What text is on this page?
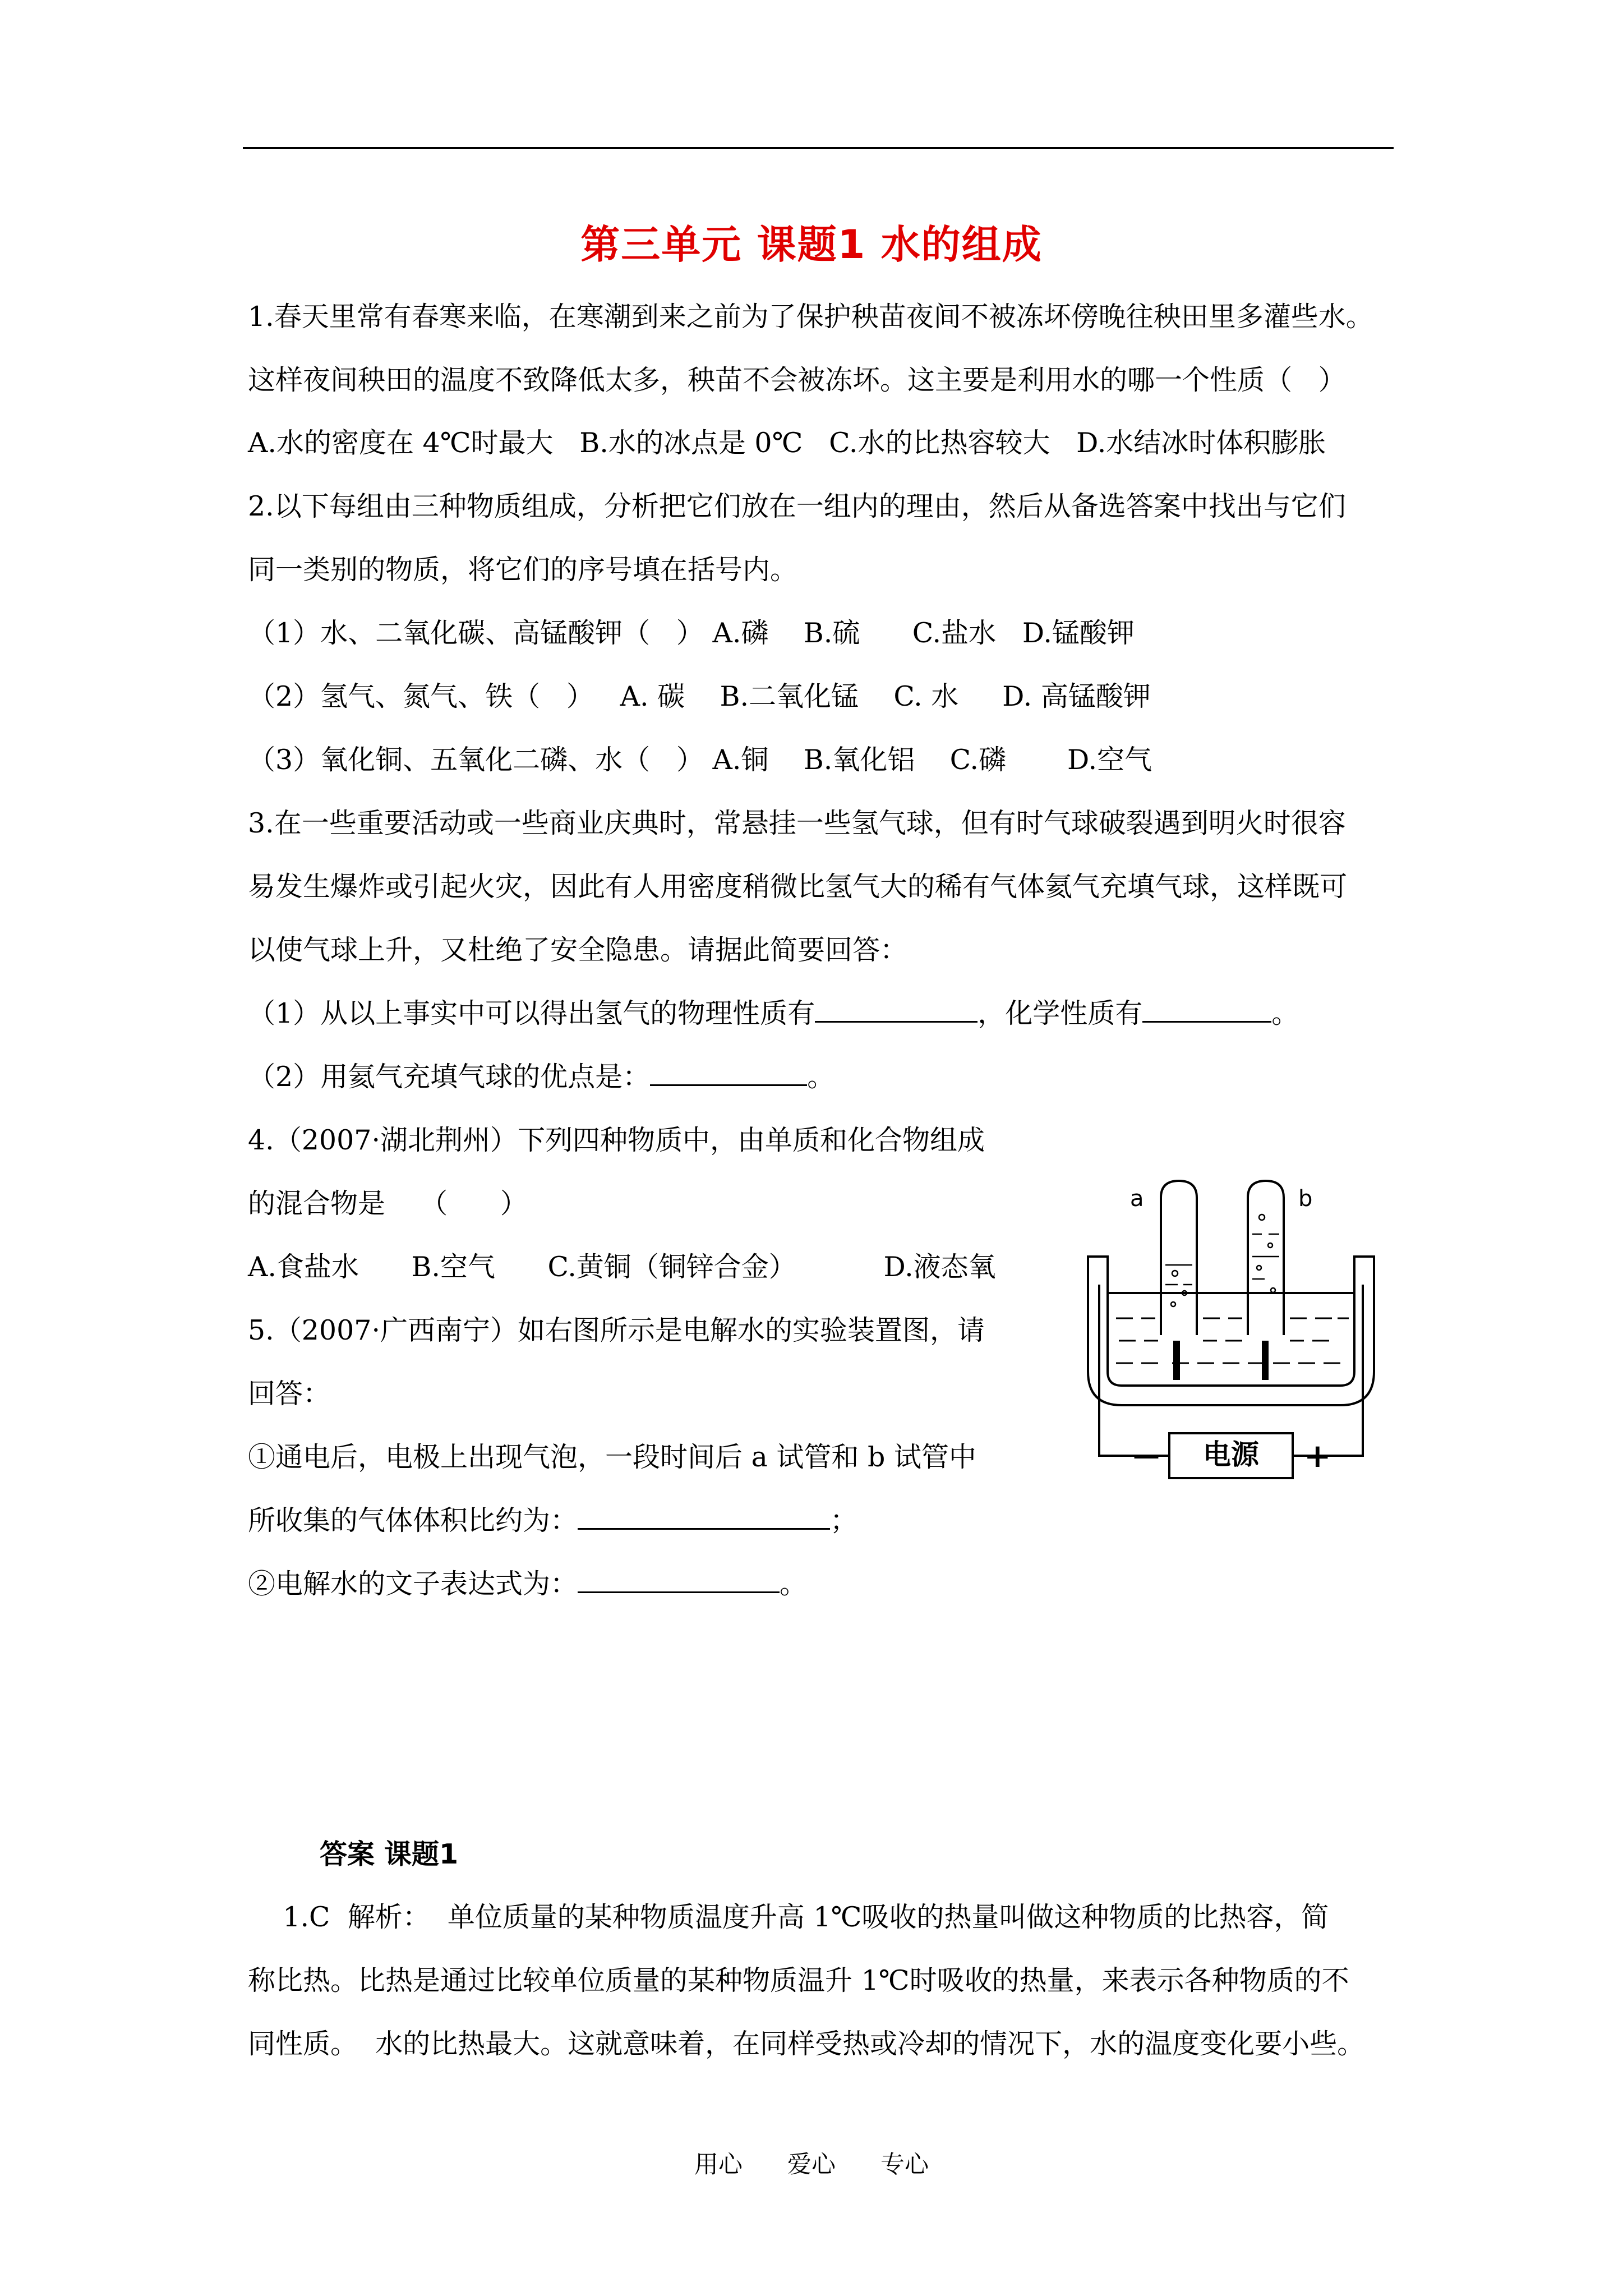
第三单元 课题1 水的组成
1.春天里常有春寒来临，在寒潮到来之前为了保护秧苗夜间不被冻坏傍晚往秧田里多灌些水。
这样夜间秧田的温度不致降低太多，秧苗不会被冻坏。这主要是利用水的哪一个性质（   ）
A.水的密度在 4℃时最大   B.水的冰点是 0℃   C.水的比热容较大   D.水结冰时体积膨胀
2.以下每组由三种物质组成，分析把它们放在一组内的理由，然后从备选答案中找出与它们
同一类别的物质，将它们的序号填在括号内。
（1）水、二氧化碳、高锰酸钾（   ） A.磷    B.硫      C.盐水   D.锰酸钾
（2）氢气、氮气、铁（   ）   A. 碳    B.二氧化锰    C. 水     D. 高锰酸钾
（3）氧化铜、五氧化二磷、水（   ） A.铜    B.氧化铝    C.磷       D.空气
3.在一些重要活动或一些商业庆典时，常悬挂一些氢气球，但有时气球破裂遇到明火时很容
易发生爆炸或引起火灾，因此有人用密度稍微比氢气大的稀有气体氦气充填气球，这样既可
以使气球上升，又杜绝了安全隐患。请据此简要回答：
（1）从以上事实中可以得出氢气的物理性质有	，化学性质有	。
（2）用氦气充填气球的优点是：	。
4.（2007·湖北荆州）下列四种物质中，由单质和化合物组成
的混合物是    （      ）
A.食盐水      B.空气      C.黄铜（铜锌合金）          D.液态氧
5.（2007·广西南宁）如右图所示是电解水的实验装置图，请
回答：
①通电后，电极上出现气泡，一段时间后 a 试管和 b 试管中
所收集的气体体积比约为：	；
②电解水的文子表达式为：	。
a	b
电源
—	+
答案 课题1
1.C  解析：  单位质量的某种物质温度升高 1℃吸收的热量叫做这种物质的比热容，简
称比热。比热是通过比较单位质量的某种物质温升 1℃时吸收的热量，来表示各种物质的不
同性质。  水的比热最大。这就意味着，在同样受热或冷却的情况下，水的温度变化要小些。
用心 爱心 专心
